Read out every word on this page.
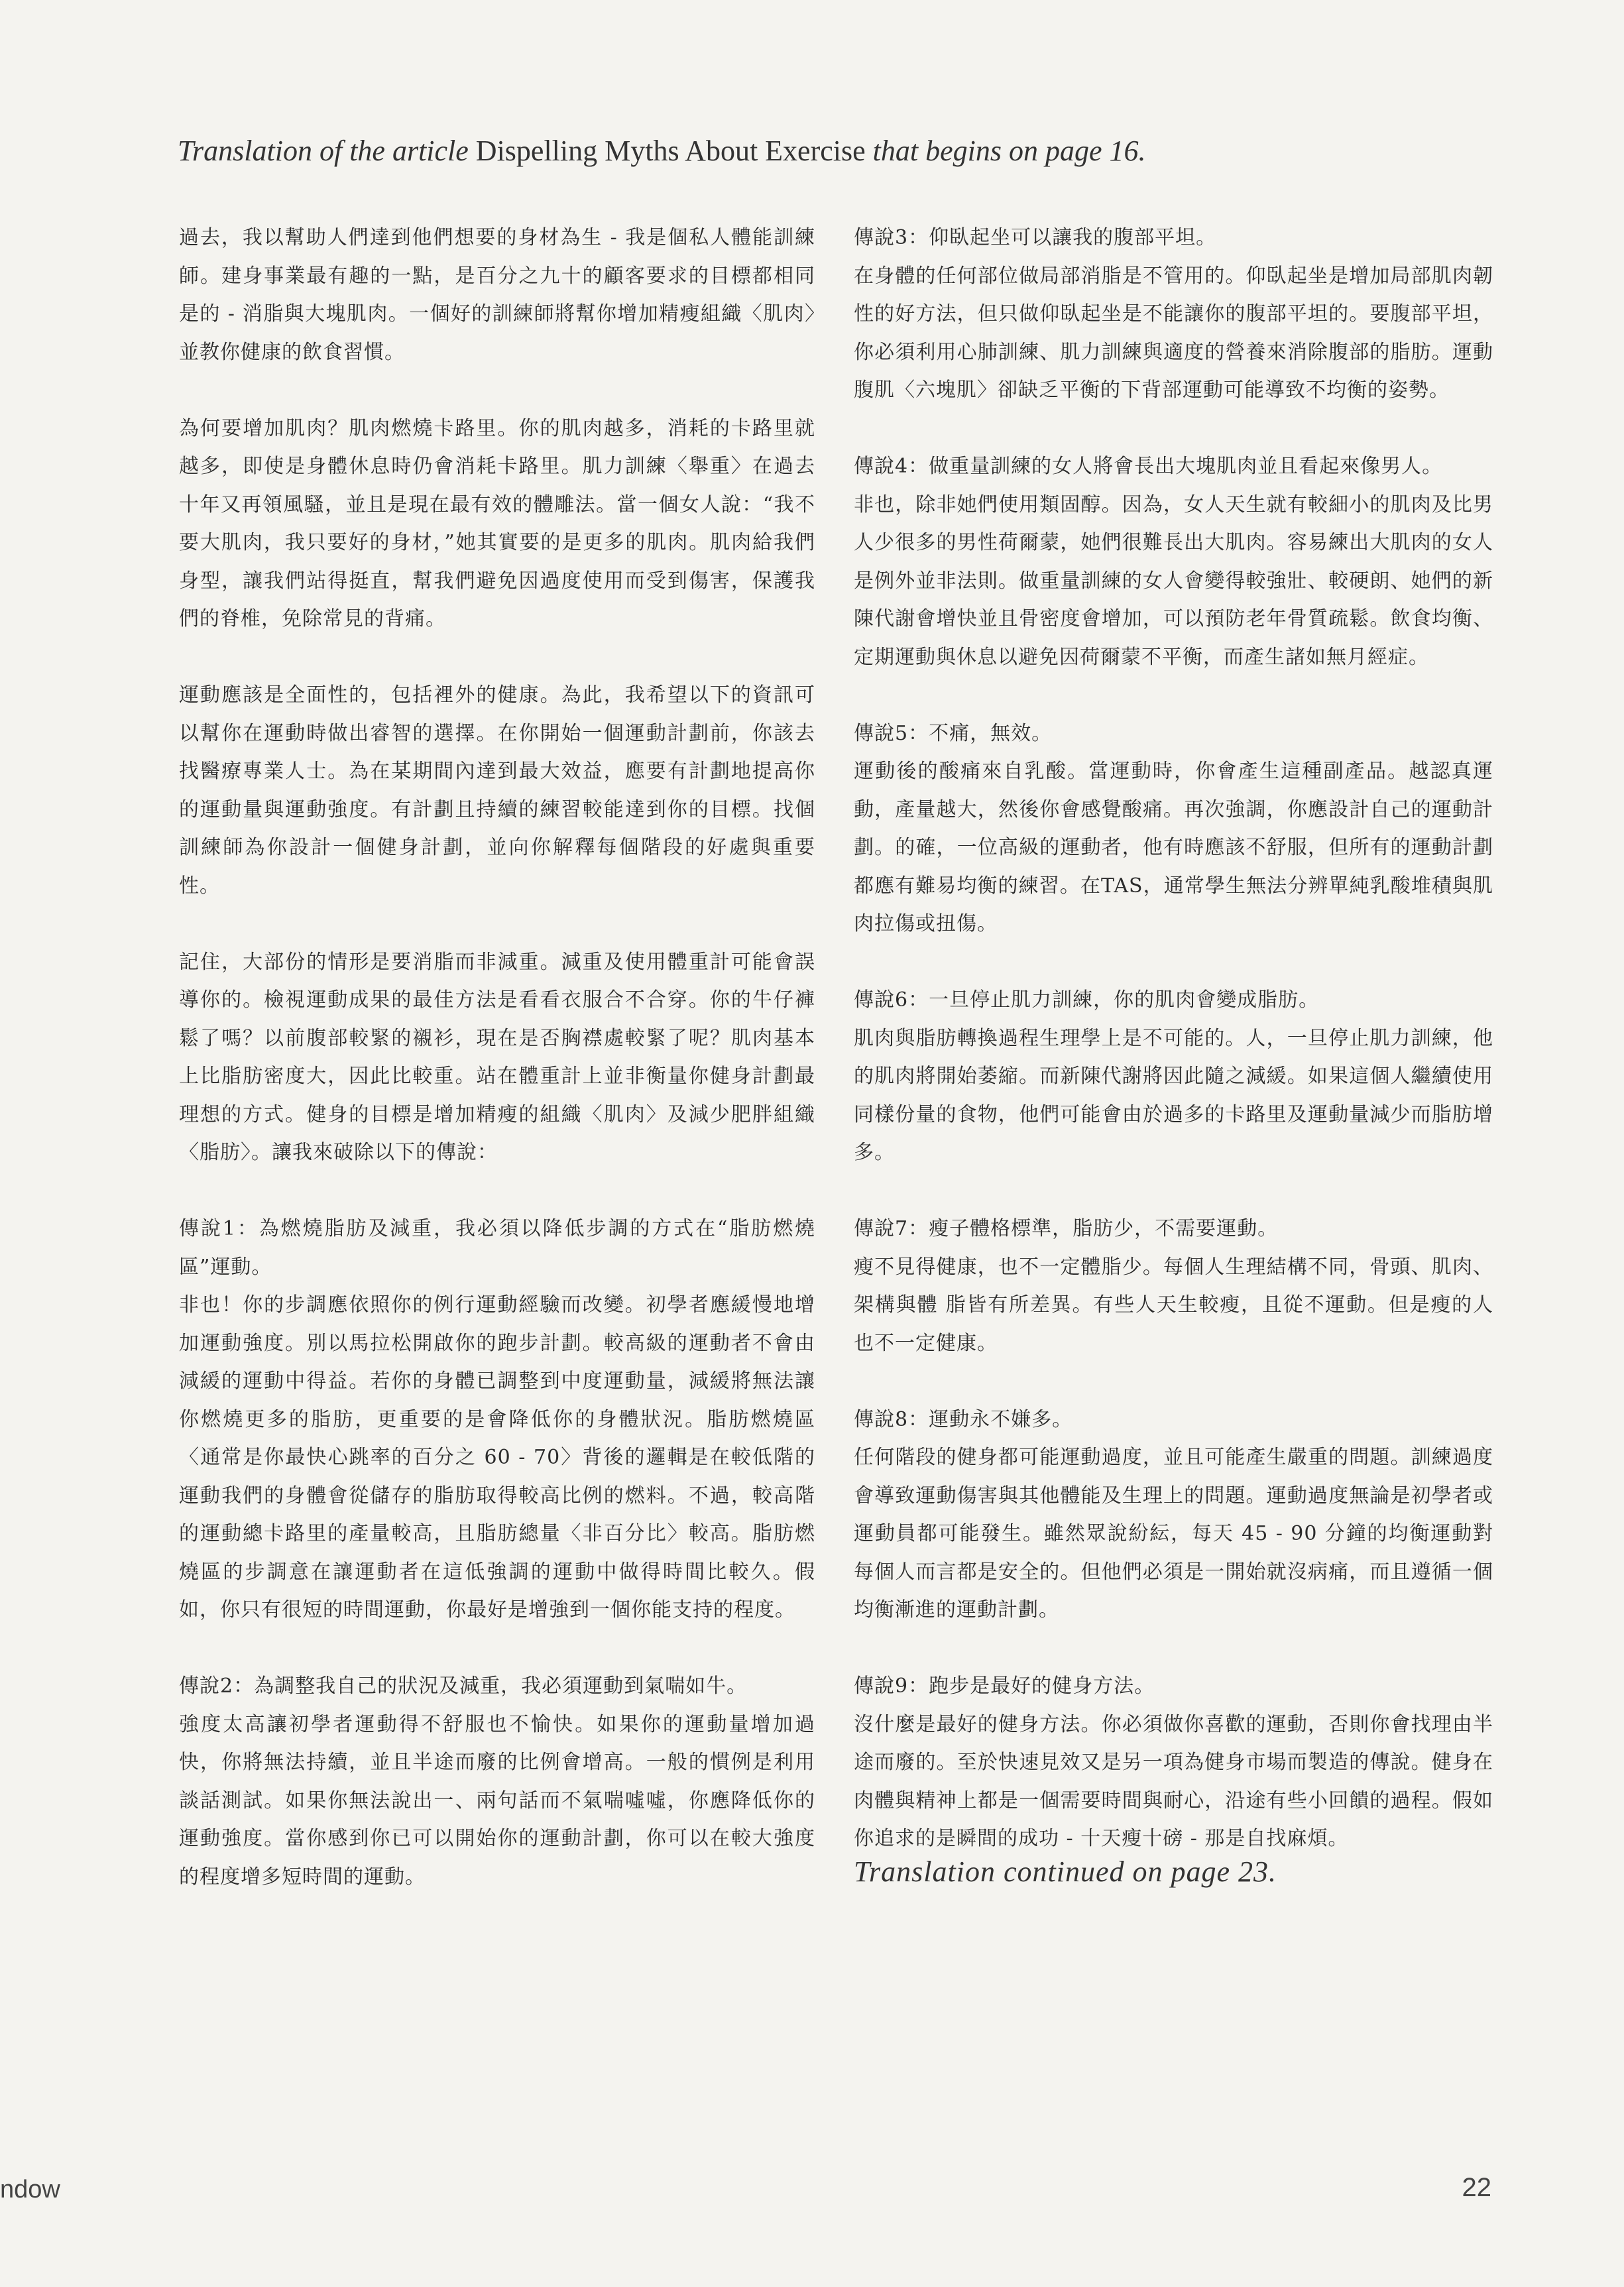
Translation of the article Dispelling Myths About Exercise that begins on page 16.

過去，我以幫助人們達到他們想要的身材為生 - 我是個私人體能訓練師。建身事業最有趣的一點，是百分之九十的顧客要求的目標都相同是的 - 消脂與大塊肌肉。一個好的訓練師將幫你增加精瘦組織〈肌肉〉並教你健康的飲食習慣。

為何要增加肌肉？肌肉燃燒卡路里。你的肌肉越多，消耗的卡路里就越多，即使是身體休息時仍會消耗卡路里。肌力訓練〈舉重〉在過去十年又再領風騷，並且是現在最有效的體雕法。當一個女人說：“我不要大肌肉，我只要好的身材，”她其實要的是更多的肌肉。肌肉給我們身型，讓我們站得挺直，幫我們避免因過度使用而受到傷害，保護我們的脊椎，免除常見的背痛。

運動應該是全面性的，包括裡外的健康。為此，我希望以下的資訊可以幫你在運動時做出睿智的選擇。在你開始一個運動計劃前，你該去找醫療專業人士。為在某期間內達到最大效益，應要有計劃地提高你的運動量與運動強度。有計劃且持續的練習較能達到你的目標。找個訓練師為你設計一個健身計劃，並向你解釋每個階段的好處與重要性。

記住，大部份的情形是要消脂而非減重。減重及使用體重計可能會誤導你的。檢視運動成果的最佳方法是看看衣服合不合穿。你的牛仔褲鬆了嗎？以前腹部較緊的襯衫，現在是否胸襟處較緊了呢？肌肉基本上比脂肪密度大，因此比較重。站在體重計上並非衡量你健身計劃最理想的方式。健身的目標是增加精瘦的組織〈肌肉〉及減少肥胖組織〈脂肪〉。讓我來破除以下的傳說：

傳說1：為燃燒脂肪及減重，我必須以降低步調的方式在“脂肪燃燒區”運動。

非也！你的步調應依照你的例行運動經驗而改變。初學者應緩慢地增加運動強度。別以馬拉松開啟你的跑步計劃。較高級的運動者不會由減緩的運動中得益。若你的身體已調整到中度運動量，減緩將無法讓你燃燒更多的脂肪，更重要的是會降低你的身體狀況。脂肪燃燒區〈通常是你最快心跳率的百分之 60 - 70〉背後的邏輯是在較低階的運動我們的身體會從儲存的脂肪取得較高比例的燃料。不過，較高階的運動總卡路里的產量較高，且脂肪總量〈非百分比〉較高。脂肪燃燒區的步調意在讓運動者在這低強調的運動中做得時間比較久。假如，你只有很短的時間運動，你最好是增強到一個你能支持的程度。

傳說2：為調整我自己的狀況及減重，我必須運動到氣喘如牛。

強度太高讓初學者運動得不舒服也不愉快。如果你的運動量增加過快，你將無法持續，並且半途而廢的比例會增高。一般的慣例是利用談話測試。如果你無法說出一、兩句話而不氣喘噓噓，你應降低你的運動強度。當你感到你已可以開始你的運動計劃，你可以在較大強度的程度增多短時間的運動。

傳說3：仰臥起坐可以讓我的腹部平坦。

在身體的任何部位做局部消脂是不管用的。仰臥起坐是增加局部肌肉韌性的好方法，但只做仰臥起坐是不能讓你的腹部平坦的。要腹部平坦，你必須利用心肺訓練、肌力訓練與適度的營養來消除腹部的脂肪。運動腹肌〈六塊肌〉卻缺乏平衡的下背部運動可能導致不均衡的姿勢。

傳說4：做重量訓練的女人將會長出大塊肌肉並且看起來像男人。

非也，除非她們使用類固醇。因為，女人天生就有較細小的肌肉及比男人少很多的男性荷爾蒙，她們很難長出大肌肉。容易練出大肌肉的女人是例外並非法則。做重量訓練的女人會變得較強壯、較硬朗、她們的新陳代謝會增快並且骨密度會增加，可以預防老年骨質疏鬆。飲食均衡、定期運動與休息以避免因荷爾蒙不平衡，而產生諸如無月經症。

傳說5：不痛，無效。

運動後的酸痛來自乳酸。當運動時，你會產生這種副產品。越認真運動，產量越大，然後你會感覺酸痛。再次強調，你應設計自己的運動計劃。的確，一位高級的運動者，他有時應該不舒服，但所有的運動計劃都應有難易均衡的練習。在TAS，通常學生無法分辨單純乳酸堆積與肌肉拉傷或扭傷。

傳說6：一旦停止肌力訓練，你的肌肉會變成脂肪。

肌肉與脂肪轉換過程生理學上是不可能的。人，一旦停止肌力訓練，他的肌肉將開始萎縮。而新陳代謝將因此隨之減緩。如果這個人繼續使用同樣份量的食物，他們可能會由於過多的卡路里及運動量減少而脂肪增多。

傳說7：瘦子體格標準，脂肪少，不需要運動。

瘦不見得健康，也不一定體脂少。每個人生理結構不同，骨頭、肌肉、架構與體 脂皆有所差異。有些人天生較瘦，且從不運動。但是瘦的人也不一定健康。

傳說8：運動永不嫌多。

任何階段的健身都可能運動過度，並且可能產生嚴重的問題。訓練過度會導致運動傷害與其他體能及生理上的問題。運動過度無論是初學者或運動員都可能發生。雖然眾說紛紜，每天 45 - 90 分鐘的均衡運動對每個人而言都是安全的。但他們必須是一開始就沒病痛，而且遵循一個均衡漸進的運動計劃。

傳說9：跑步是最好的健身方法。

沒什麼是最好的健身方法。你必須做你喜歡的運動，否則你會找理由半途而廢的。至於快速見效又是另一項為健身市場而製造的傳說。健身在肉體與精神上都是一個需要時間與耐心，沿途有些小回饋的過程。假如你追求的是瞬間的成功 - 十天瘦十磅 - 那是自找麻煩。

Translation continued on page 23.
ndow	22
